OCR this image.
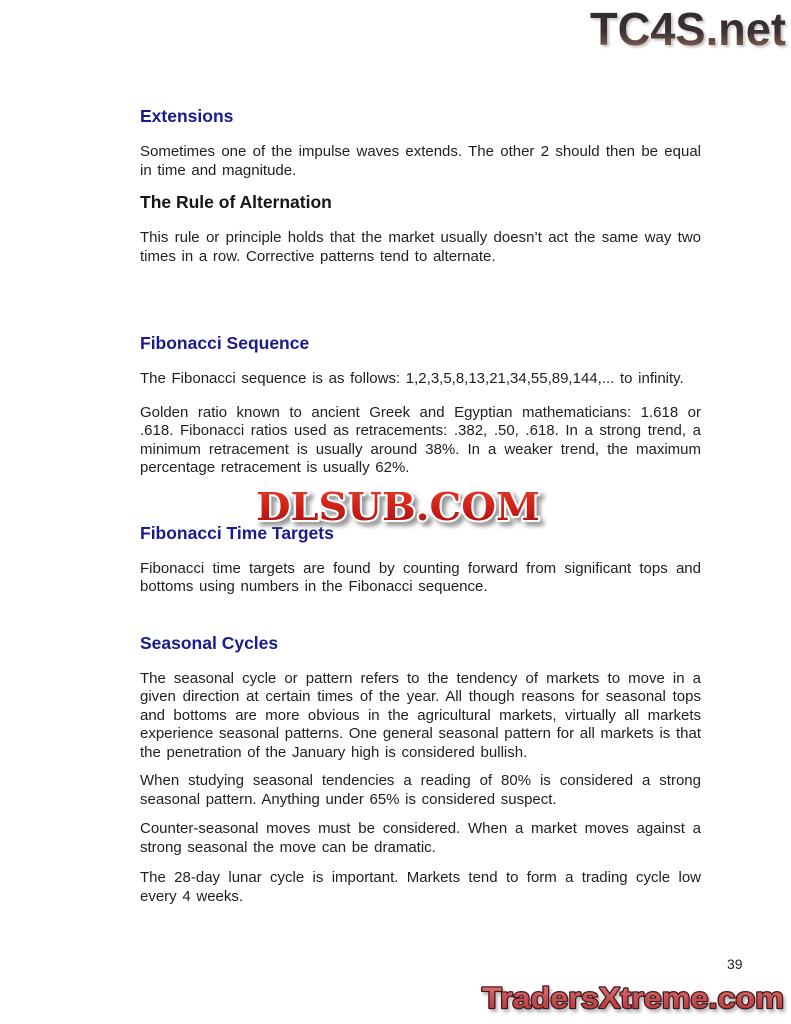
TC4S.net
Extensions

Sometimes one of the impulse waves extends. The other 2 should then be equal in time and magnitude.

The Rule of Alternation

This rule or principle holds that the market usually doesn’t act the same way two times in a row. Corrective patterns tend to alternate.

Fibonacci Sequence

The Fibonacci sequence is as follows: 1,2,3,5,8,13,21,34,55,89,144,... to infinity.

Golden ratio known to ancient Greek and Egyptian mathematicians: 1.618 or .618. Fibonacci ratios used as retracements: .382, .50, .618. In a strong trend, a minimum retracement is usually around 38%. In a weaker trend, the maximum percentage retracement is usually 62%.

Fibonacci Time Targets

Fibonacci time targets are found by counting forward from significant tops and bottoms using numbers in the Fibonacci sequence.

Seasonal Cycles

The seasonal cycle or pattern refers to the tendency of markets to move in a given direction at certain times of the year. All though reasons for seasonal tops and bottoms are more obvious in the agricultural markets, virtually all markets experience seasonal patterns. One general seasonal pattern for all markets is that the penetration of the January high is considered bullish.

When studying seasonal tendencies a reading of 80% is considered a strong seasonal pattern. Anything under 65% is considered suspect.

Counter-seasonal moves must be considered. When a market moves against a strong seasonal the move can be dramatic.

The 28-day lunar cycle is important. Markets tend to form a trading cycle low every 4 weeks.

DLSUB.COM
39
TradersXtreme.com
